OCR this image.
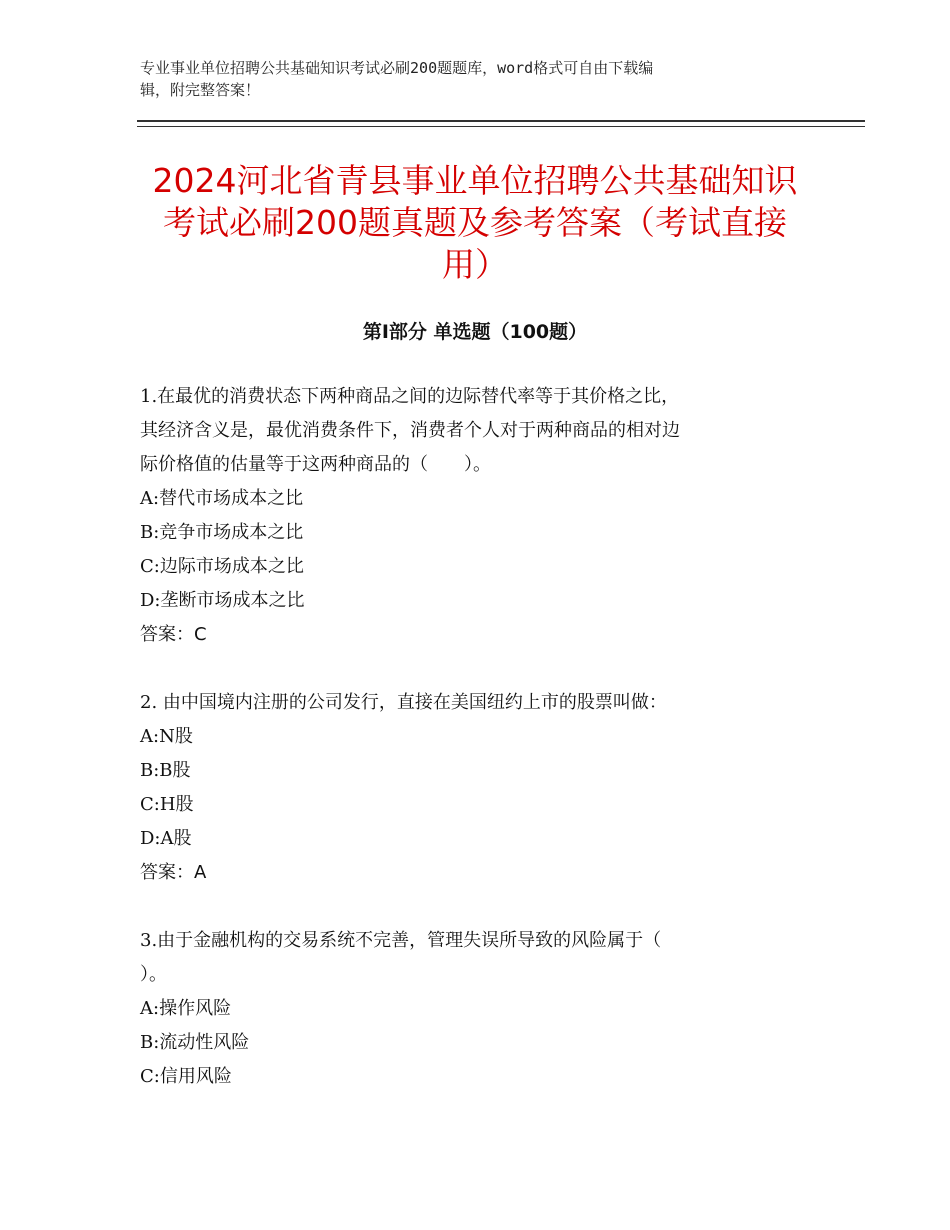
专业事业单位招聘公共基础知识考试必刷200题题库，word格式可自由下载编
辑，附完整答案！
2024河北省青县事业单位招聘公共基础知识
考试必刷200题真题及参考答案（考试直接
用）
第Ⅰ部分 单选题（100题）
1.在最优的消费状态下两种商品之间的边际替代率等于其价格之比，
其经济含义是，最优消费条件下，消费者个人对于两种商品的相对边
际价格值的估量等于这两种商品的（　　）。
A:替代市场成本之比
B:竞争市场成本之比
C:边际市场成本之比
D:垄断市场成本之比
答案：C
2. 由中国境内注册的公司发行，直接在美国纽约上市的股票叫做：
A:N股
B:B股
C:H股
D:A股
答案：A
3.由于金融机构的交易系统不完善，管理失误所导致的风险属于（
）。
A:操作风险
B:流动性风险
C:信用风险
